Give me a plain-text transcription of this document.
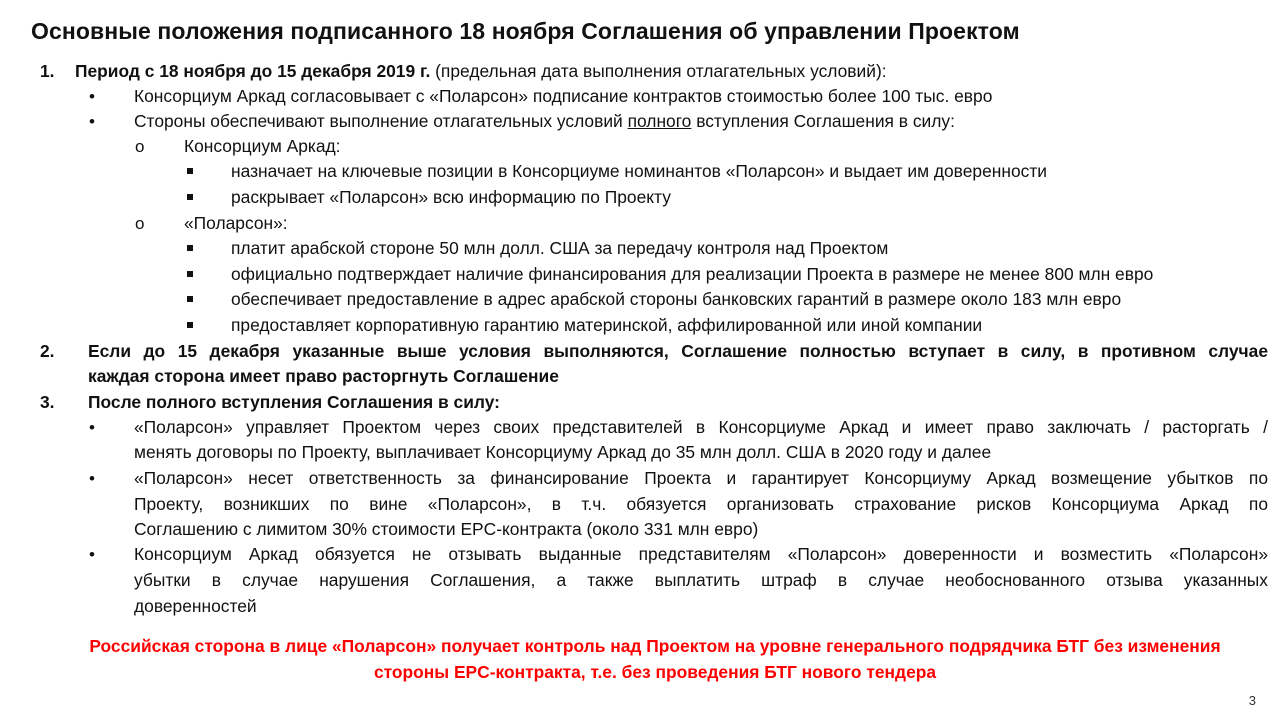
Основные положения подписанного 18 ноября Соглашения об управлении Проектом
1. Период с 18 ноября до 15 декабря 2019 г. (предельная дата выполнения отлагательных условий):
• Консорциум Аркад согласовывает с «Поларсон» подписание контрактов стоимостью более 100 тыс. евро
• Стороны обеспечивают выполнение отлагательных условий полного вступления Соглашения в силу:
o Консорциум Аркад:
назначает на ключевые позиции в Консорциуме номинантов «Поларсон» и выдает им доверенности
раскрывает «Поларсон» всю информацию по Проекту
o «Поларсон»:
платит арабской стороне 50 млн долл. США за передачу контроля над Проектом
официально подтверждает наличие финансирования для реализации Проекта в размере не менее 800 млн евро
обеспечивает предоставление в адрес арабской стороны банковских гарантий в размере около 183 млн евро
предоставляет корпоративную гарантию материнской, аффилированной или иной компании
2. Если до 15 декабря указанные выше условия выполняются, Соглашение полностью вступает в силу, в противном случае
каждая сторона имеет право расторгнуть Соглашение
3. После полного вступления Соглашения в силу:
• «Поларсон» управляет Проектом через своих представителей в Консорциуме Аркад и имеет право заключать / расторгать /
менять договоры по Проекту, выплачивает Консорциуму Аркад до 35 млн долл. США в 2020 году и далее
• «Поларсон» несет ответственность за финансирование Проекта и гарантирует Консорциуму Аркад возмещение убытков по
Проекту, возникших по вине «Поларсон», в т.ч. обязуется организовать страхование рисков Консорциума Аркад по
Соглашению с лимитом 30% стоимости EPC-контракта (около 331 млн евро)
• Консорциум Аркад обязуется не отзывать выданные представителям «Поларсон» доверенности и возместить «Поларсон»
убытки в случае нарушения Соглашения, а также выплатить штраф в случае необоснованного отзыва указанных
доверенностей
Российская сторона в лице «Поларсон» получает контроль над Проектом на уровне генерального подрядчика БТГ без изменения
стороны EPC-контракта, т.е. без проведения БТГ нового тендера
3
